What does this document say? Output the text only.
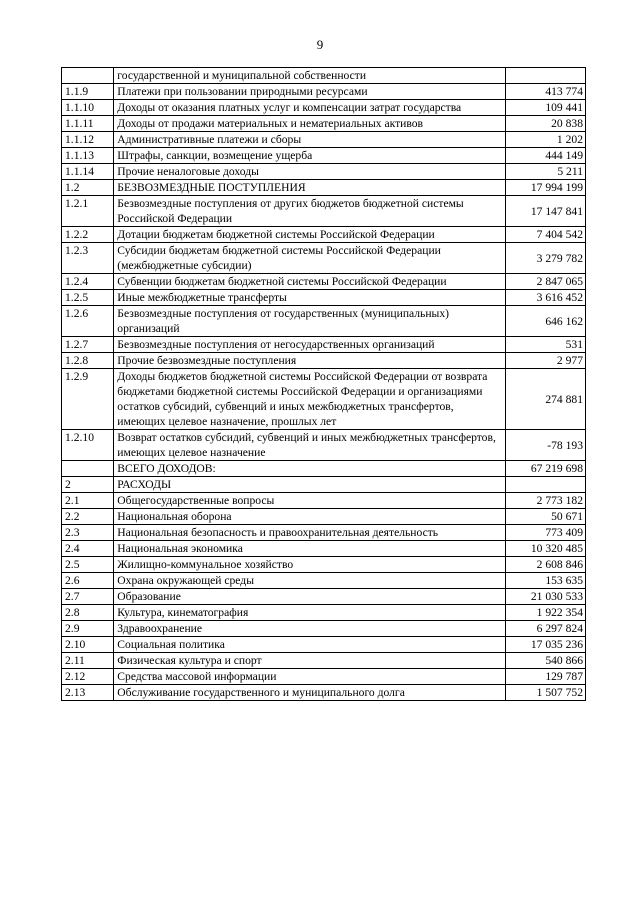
9
	государственной и муниципальной собственности	
1.1.9	Платежи при пользовании природными ресурсами	413 774
1.1.10	Доходы от оказания платных услуг и компенсации затрат государства	109 441
1.1.11	Доходы от продажи материальных и нематериальных активов	20 838
1.1.12	Административные платежи и сборы	1 202
1.1.13	Штрафы, санкции, возмещение ущерба	444 149
1.1.14	Прочие неналоговые доходы	5 211
1.2	БЕЗВОЗМЕЗДНЫЕ ПОСТУПЛЕНИЯ	17 994 199
1.2.1	Безвозмездные поступления от других бюджетов бюджетной системы Российской Федерации	17 147 841
1.2.2	Дотации бюджетам бюджетной системы Российской Федерации	7 404 542
1.2.3	Субсидии бюджетам бюджетной системы Российской Федерации (межбюджетные субсидии)	3 279 782
1.2.4	Субвенции бюджетам бюджетной системы Российской Федерации	2 847 065
1.2.5	Иные межбюджетные трансферты	3 616 452
1.2.6	Безвозмездные поступления от государственных (муниципальных) организаций	646 162
1.2.7	Безвозмездные поступления от негосударственных организаций	531
1.2.8	Прочие безвозмездные поступления	2 977
1.2.9	Доходы бюджетов бюджетной системы Российской Федерации от возврата бюджетами бюджетной системы Российской Федерации и организациями остатков субсидий, субвенций и иных межбюджетных трансфертов, имеющих целевое назначение, прошлых лет	274 881
1.2.10	Возврат остатков субсидий, субвенций и иных межбюджетных трансфертов, имеющих целевое назначение	-78 193
	ВСЕГО ДОХОДОВ:	67 219 698
2	РАСХОДЫ	
2.1	Общегосударственные вопросы	2 773 182
2.2	Национальная оборона	50 671
2.3	Национальная безопасность и правоохранительная деятельность	773 409
2.4	Национальная экономика	10 320 485
2.5	Жилищно-коммунальное хозяйство	2 608 846
2.6	Охрана окружающей среды	153 635
2.7	Образование	21 030 533
2.8	Культура, кинематография	1 922 354
2.9	Здравоохранение	6 297 824
2.10	Социальная политика	17 035 236
2.11	Физическая культура и спорт	540 866
2.12	Средства массовой информации	129 787
2.13	Обслуживание государственного и муниципального долга	1 507 752
